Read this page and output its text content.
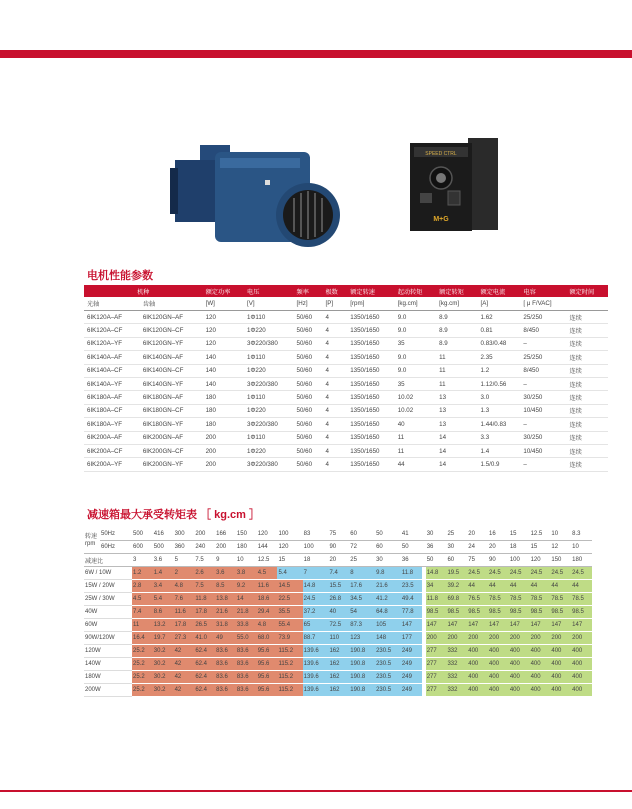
SPEED CTRL
M+G
电机性能参数
机种		额定功率	电压	频率	极数	额定转速	起动转矩	额定转矩	额定电流	电容	额定时间
光轴	齿轴	[W]	[V]	[Hz]	[P]	[rpm]	[kg.cm]	[kg.cm]	[A]	[ μ F/VAC]	
6IK120A–AF	6IK120GN–AF	120	1Φ110	50/60	4	1350/1650	9.0	8.9	1.62	25/250	连续
6IK120A–CF	6IK120GN–CF	120	1Φ220	50/60	4	1350/1650	9.0	8.9	0.81	8/450	连续
6IK120A–YF	6IK120GN–YF	120	3Φ220/380	50/60	4	1350/1650	35	8.9	0.83/0.48	–	连续
6IK140A–AF	6IK140GN–AF	140	1Φ110	50/60	4	1350/1650	9.0	11	2.35	25/250	连续
6IK140A–CF	6IK140GN–CF	140	1Φ220	50/60	4	1350/1650	9.0	11	1.2	8/450	连续
6IK140A–YF	6IK140GN–YF	140	3Φ220/380	50/60	4	1350/1650	35	11	1.12/0.56	–	连续
6IK180A–AF	6IK180GN–AF	180	1Φ110	50/60	4	1350/1650	10.02	13	3.0	30/250	连续
6IK180A–CF	6IK180GN–CF	180	1Φ220	50/60	4	1350/1650	10.02	13	1.3	10/450	连续
6IK180A–YF	6IK180GN–YF	180	3Φ220/380	50/60	4	1350/1650	40	13	1.44/0.83	–	连续
6IK200A–AF	6IK200GN–AF	200	1Φ110	50/60	4	1350/1650	11	14	3.3	30/250	连续
6IK200A–CF	6IK200GN–CF	200	1Φ220	50/60	4	1350/1650	11	14	1.4	10/450	连续
6IK200A–YF	6IK200GN–YF	200	3Φ220/380	50/60	4	1350/1650	44	14	1.5/0.9	–	连续
减速箱最大承受转矩表 ［ kg.cm ］
转速 rpm	50Hz	500	416	300	200	166	150	120	100	83	75	60	50	41		30	25	20	16	15	12.5	10	8.3
	60Hz	600	500	360	240	200	180	144	120	100	90	72	60	50		36	30	24	20	18	15	12	10
减速比		3	3.6	5	7.5	9	10	12.5	15	18	20	25	30	36		50	60	75	90	100	120	150	180
6W / 10W		1.2	1.4	2	2.6	3.6	3.8	4.5	5.4	7	7.4	8	9.8	11.8		14.8	19.5	24.5	24.5	24.5	24.5	24.5	24.5
15W / 20W		2.8	3.4	4.8	7.5	8.5	9.2	11.6	14.5	14.8	15.5	17.6	21.6	23.5		34	39.2	44	44	44	44	44	44
25W / 30W		4.5	5.4	7.6	11.8	13.8	14	18.6	22.5	24.5	26.8	34.5	41.2	49.4		11.8	69.8	76.5	78.5	78.5	78.5	78.5	78.5
40W		7.4	8.6	11.6	17.8	21.6	21.8	29.4	35.5	37.2	40	54	64.8	77.8		98.5	98.5	98.5	98.5	98.5	98.5	98.5	98.5
60W		11	13.2	17.8	26.5	31.8	33.8	4.8	55.4	65	72.5	87.3	105	147		147	147	147	147	147	147	147	147
90W/120W		16.4	19.7	27.3	41.0	49	55.0	68.0	73.9	88.7	110	123	148	177		200	200	200	200	200	200	200	200
120W		25.2	30.2	42	62.4	83.6	83.6	95.6	115.2	139.6	162	190.8	230.5	249		277	332	400	400	400	400	400	400
140W		25.2	30.2	42	62.4	83.6	83.6	95.6	115.2	139.6	162	190.8	230.5	249		277	332	400	400	400	400	400	400
180W		25.2	30.2	42	62.4	83.6	83.6	95.6	115.2	139.6	162	190.8	230.5	249		277	332	400	400	400	400	400	400
200W		25.2	30.2	42	62.4	83.6	83.6	95.6	115.2	139.6	162	190.8	230.5	249		277	332	400	400	400	400	400	400
